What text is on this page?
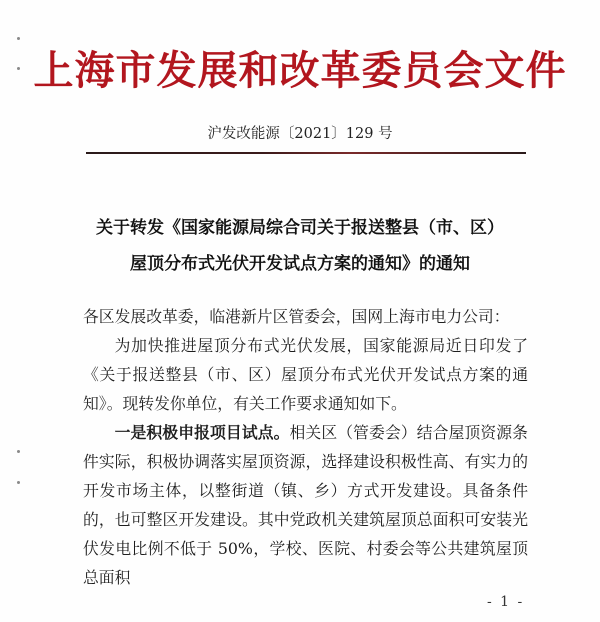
上海市发展和改革委员会文件
沪发改能源〔2021〕129 号
关于转发《国家能源局综合司关于报送整县（市、区）
屋顶分布式光伏开发试点方案的通知》的通知

各区发展改革委，临港新片区管委会，国网上海市电力公司：

为加快推进屋顶分布式光伏发展，国家能源局近日印发了《关于报送整县（市、区）屋顶分布式光伏开发试点方案的通知》。现转发你单位，有关工作要求通知如下。

一是积极申报项目试点。相关区（管委会）结合屋顶资源条件实际，积极协调落实屋顶资源，选择建设积极性高、有实力的开发市场主体，以整街道（镇、乡）方式开发建设。具备条件的，也可整区开发建设。其中党政机关建筑屋顶总面积可安装光伏发电比例不低于 50%，学校、医院、村委会等公共建筑屋顶总面积

- 1 -
